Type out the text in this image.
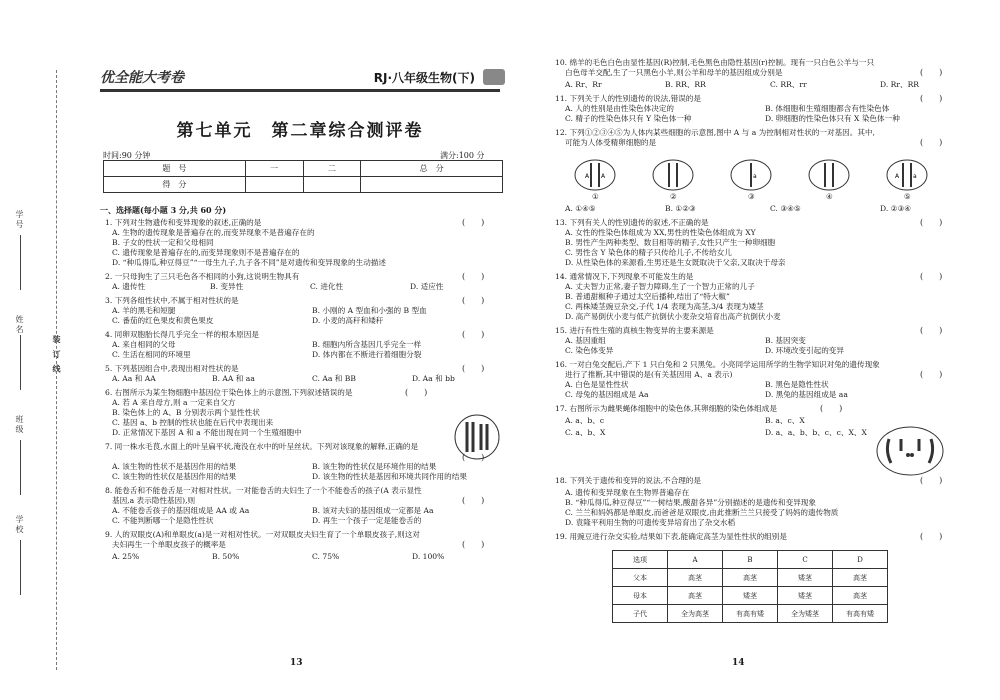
学号
姓名
班级
学校
装 订 线
优全能大考卷	RJ·八年级生物(下)
第七单元　第二章综合测评卷
时间:90 分钟	满分:100 分
题　号	一	二	总　分
得　分			
一、选择题(每小题 3 分,共 60 分)
1. 下列对生物遗传和变异现象的叙述,正确的是
A. 生物的遗传现象是普遍存在的,而变异现象不是普遍存在的
B. 子女的性状一定和父母相同
C. 遗传现象是普遍存在的,而变异现象则不是普遍存在的
D. “种瓜得瓜,种豆得豆”“一母生九子,九子各不同”是对遗传和变异现象的生动描述
2. 一只母狗生了三只毛色各不相同的小狗,这说明生物具有
A. 遗传性	B. 变异性	C. 进化性	D. 适应性
3. 下列各组性状中,不属于相对性状的是
A. 羊的黑毛和短腿	B. 小刚的 A 型血和小强的 B 型血
C. 番茄的红色果皮和黄色果皮	D. 小麦的高秆和矮秆
4. 同卵双胞胎长得几乎完全一样的根本原因是
A. 来自相同的父母	B. 细胞内所含基因几乎完全一样
C. 生活在相同的环境里	D. 体内都在不断进行着细胞分裂
5. 下列基因组合中,表现出相对性状的是
A. Aa 和 AA	B. AA 和 aa	C. Aa 和 BB	D. Aa 和 bb
6. 右图所示为某生物细胞中基因位于染色体上的示意图,下列叙述错误的是
A. 若 A 来自母方,则 a 一定来自父方
B. 染色体上的 A、B 分别表示两个显性性状
C. 基因 a、b 控制的性状也能在后代中表现出来
D. 正常情况下基因 A 和 a 不能出现在同一个生殖细胞中
7. 同一株水毛茛,水面上的叶呈扁平状,淹没在水中的叶呈丝状。下列对该现象的解释,正确的是
A. 该生物的性状不是基因作用的结果	B. 该生物的性状仅是环境作用的结果
C. 该生物的性状仅是基因作用的结果	D. 该生物的性状是基因和环境共同作用的结果
8. 能卷舌和不能卷舌是一对相对性状。一对能卷舌的夫妇生了一个不能卷舌的孩子(A 表示显性
基因,a 表示隐性基因),则
A. 不能卷舌孩子的基因组成是 AA 或 Aa	B. 该对夫妇的基因组成一定都是 Aa
C. 不能判断哪一个是隐性性状	D. 再生一个孩子一定是能卷舌的
9. 人的双眼皮(A)和单眼皮(a)是一对相对性状。一对双眼皮夫妇生育了一个单眼皮孩子,则这对
夫妇再生一个单眼皮孩子的概率是
A. 25%	B. 50%	C. 75%	D. 100%
(　　)
(　　)
(　　)
(　　)
(　　)
(　　)
(　　)
(　　)
(　　)
13
10. 绵羊的毛色白色由显性基因(R)控制,毛色黑色由隐性基因(r)控制。现有一只白色公羊与一只
白色母羊交配,生了一只黑色小羊,则公羊和母羊的基因组成分别是
A. Rr、Rr	B. RR、RR	C. RR、rr	D. Rr、RR
11. 下列关于人的性别遗传的说法,错误的是
A. 人的性别是由性染色体决定的	B. 体细胞和生殖细胞都含有性染色体
C. 精子的性染色体只有 Y 染色体一种	D. 卵细胞的性染色体只有 X 染色体一种
12. 下列①②③④⑤为人体内某些细胞的示意图,图中 A 与 a 为控制相对性状的一对基因。其中,
可能为人体受精卵细胞的是
A A	a	A a
①	②	③	④	⑤
A. ①④⑤	B. ①②③	C. ③④⑤	D. ②③④
13. 下列有关人的性别遗传的叙述,不正确的是
A. 女性的性染色体组成为 XX,男性的性染色体组成为 XY
B. 男性产生两种类型、数目相等的精子,女性只产生一种卵细胞
C. 男性含 Y 染色体的精子只传给儿子,不传给女儿
D. 从性染色体的来源看,生男还是生女既取决于父亲,又取决于母亲
14. 通常情况下,下列现象不可能发生的是
A. 丈夫智力正常,妻子智力障碍,生了一个智力正常的儿子
B. 普通甜椒种子通过太空后播种,结出了“特大椒”
C. 两株矮茎豌豆杂交,子代 1/4 表现为高茎,3/4 表现为矮茎
D. 高产易倒伏小麦与低产抗倒伏小麦杂交培育出高产抗倒伏小麦
15. 进行有性生殖的真核生物变异的主要来源是
A. 基因重组	B. 基因突变
C. 染色体变异	D. 环境改变引起的变异
16. 一对白兔交配后,产下 1 只白兔和 2 只黑兔。小亮同学运用所学的生物学知识对兔的遗传现象
进行了推断,其中错误的是(有关基因用 A、a 表示)
A. 白色是显性性状	B. 黑色是隐性性状
C. 母兔的基因组成是 Aa	D. 黑兔的基因组成是 aa
17. 右图所示为雌果蝇体细胞中的染色体,其卵细胞的染色体组成是
A. a、b、c	B. a、c、X
C. a、b、X	D. a、a、b、b、c、c、X、X
18. 下列关于遗传和变异的说法,不合理的是
A. 遗传和变异现象在生物界普遍存在
B. “种瓜得瓜,种豆得豆”“一树结果,酸甜各异”分别描述的是遗传和变异现象
C. 兰兰和妈妈都是单眼皮,而爸爸是双眼皮,由此推断兰兰只接受了妈妈的遗传物质
D. 袁隆平利用生物的可遗传变异培育出了杂交水稻
19. 用豌豆进行杂交实验,结果如下表,能确定高茎为显性性状的组别是
(　　)
(　　)
(　　)
(　　)
(　　)
(　　)
(　　)
(　　)
(　　)
(　　)
14
选项	A	B	C	D
父本	高茎	高茎	矮茎	高茎
母本	高茎	矮茎	矮茎	高茎
子代	全为高茎	有高有矮	全为矮茎	有高有矮
